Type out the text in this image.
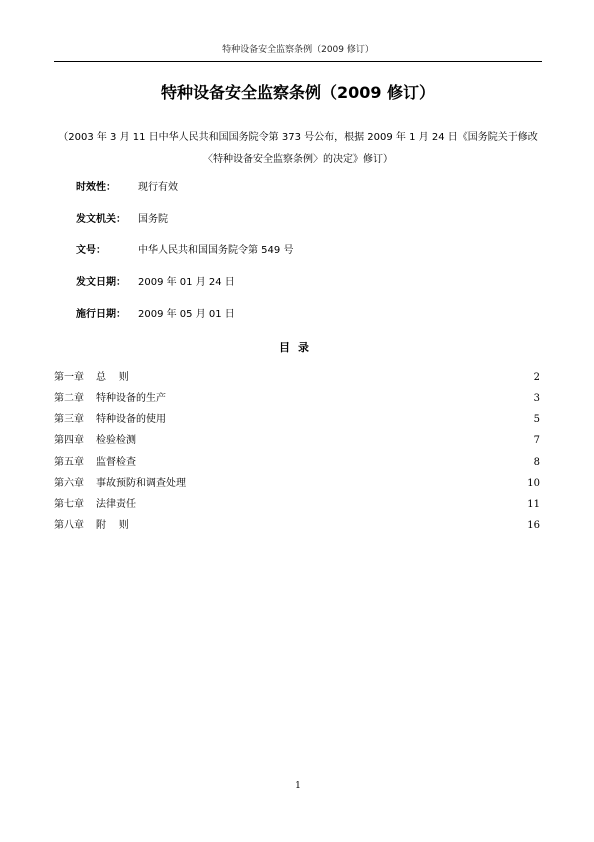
特种设备安全监察条例（2009 修订）
特种设备安全监察条例（2009 修订）
（2003 年 3 月 11 日中华人民共和国国务院令第 373 号公布，根据 2009 年 1 月 24 日《国务院关于修改
〈特种设备安全监察条例〉的决定》修订）
时效性： 现行有效
发文机关： 国务院
文号：	中华人民共和国国务院令第 549 号
发文日期： 2009 年 01 月 24 日
施行日期： 2009 年 05 月 01 日
目录
第一章 总    则	2
第二章 特种设备的生产	3
第三章 特种设备的使用	5
第四章 检验检测	7
第五章 监督检查	8
第六章 事故预防和调查处理	10
第七章 法律责任	11
第八章 附    则	16
1
